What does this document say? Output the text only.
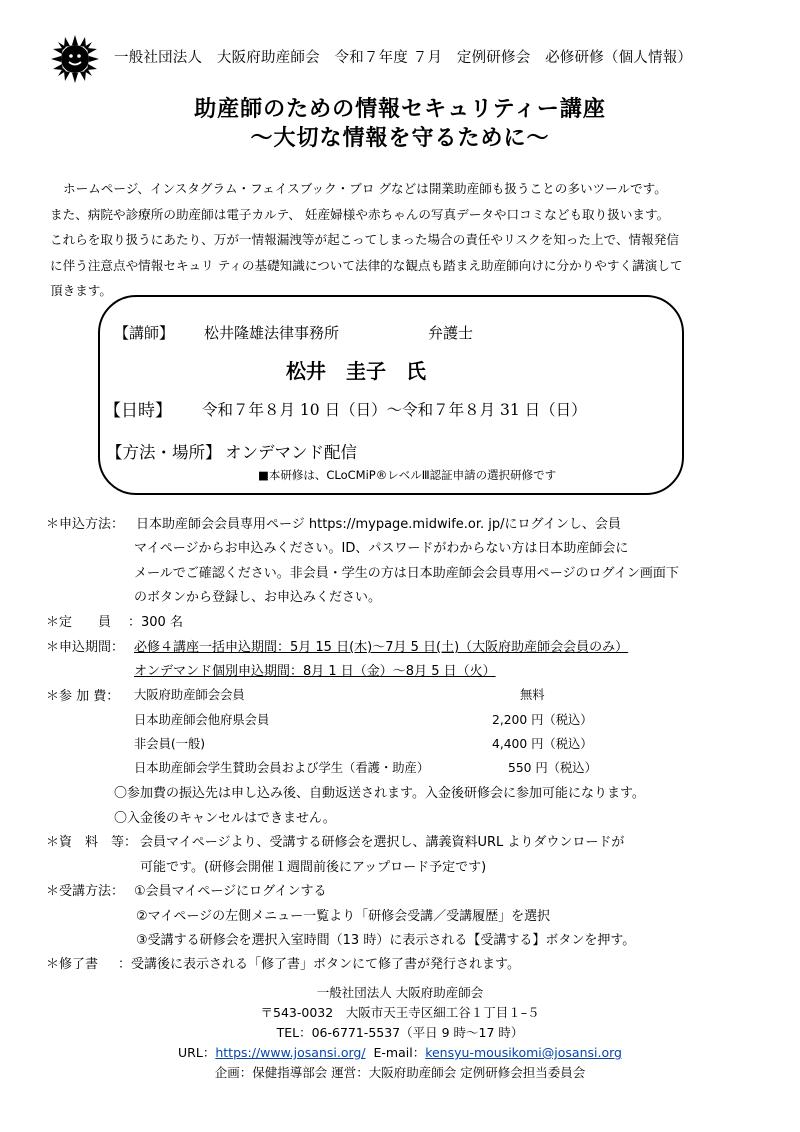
一般社団法人　大阪府助産師会　令和７年度 ７月　定例研修会　必修研修（個人情報）
助産師のための情報セキュリティー講座
～大切な情報を守るために～

ホームページ、インスタグラム・フェイスブック・ブロ グなどは開業助産師も扱うことの多いツールです。

また、病院や診療所の助産師は電子カルテ、 妊産婦様や赤ちゃんの写真データや口コミなども取り扱います。

これらを取り扱うにあたり、万が一情報漏洩等が起こってしまった場合の責任やリスクを知った上で、情報発信

に伴う注意点や情報セキュリ ティの基礎知識について法律的な観点も踏まえ助産師向けに分かりやすく講演して

頂きます。

【講師】 松井隆雄法律事務所	弁護士
松井　圭子　氏
【日時】 令和７年８月 10 日（日）～令和７年８月 31 日（日）
【方法・場所】 オンデマンド配信
■本研修は、CLoCMiP®レベルⅢ認証申請の選択研修です
＊申込方法： 日本助産師会会員専用ページ https://mypage.midwife.or. jp/にログインし、会員
マイページからお申込みください。ID、パスワードがわからない方は日本助産師会に
メールでご確認ください。非会員・学生の方は日本助産師会会員専用ページのログイン画面下
のボタンから登録し、お申込みください。
＊定　　員 ：300 名
＊申込期間： 必修４講座一括申込期間：5月 15 日(木)～7月 5 日(土)（大阪府助産師会会員のみ）
オンデマンド個別申込期間：8月 1 日（金）～8月 5 日（火）
＊参 加 費： 大阪府助産師会会員	無料
日本助産師会他府県会員	2,200 円（税込）
非会員(一般)	4,400 円（税込）
日本助産師会学生賛助会員および学生（看護・助産）	550 円（税込）
〇参加費の振込先は申し込み後、自動返送されます。入金後研修会に参加可能になります。
〇入金後のキャンセルはできません。
＊資　料　等： 会員マイページより、受講する研修会を選択し、講義資料URL よりダウンロードが
可能です。(研修会開催１週間前後にアップロード予定です)
＊受講方法： ①会員マイページにログインする
②マイページの左側メニュー一覧より「研修会受講／受講履歴」を選択
③受講する研修会を選択入室時間（13 時）に表示される【受講する】ボタンを押す。
＊修了書 ：受講後に表示される「修了書」ボタンにて修了書が発行されます。
一般社団法人 大阪府助産師会
〒543-0032　大阪市天王寺区細工谷１丁目１–５
TEL：06-6771-5537（平日 9 時～17 時）
URL：https://www.josansi.org/ E-mail：kensyu-mousikomi@josansi.org
企画：保健指導部会 運営：大阪府助産師会 定例研修会担当委員会
